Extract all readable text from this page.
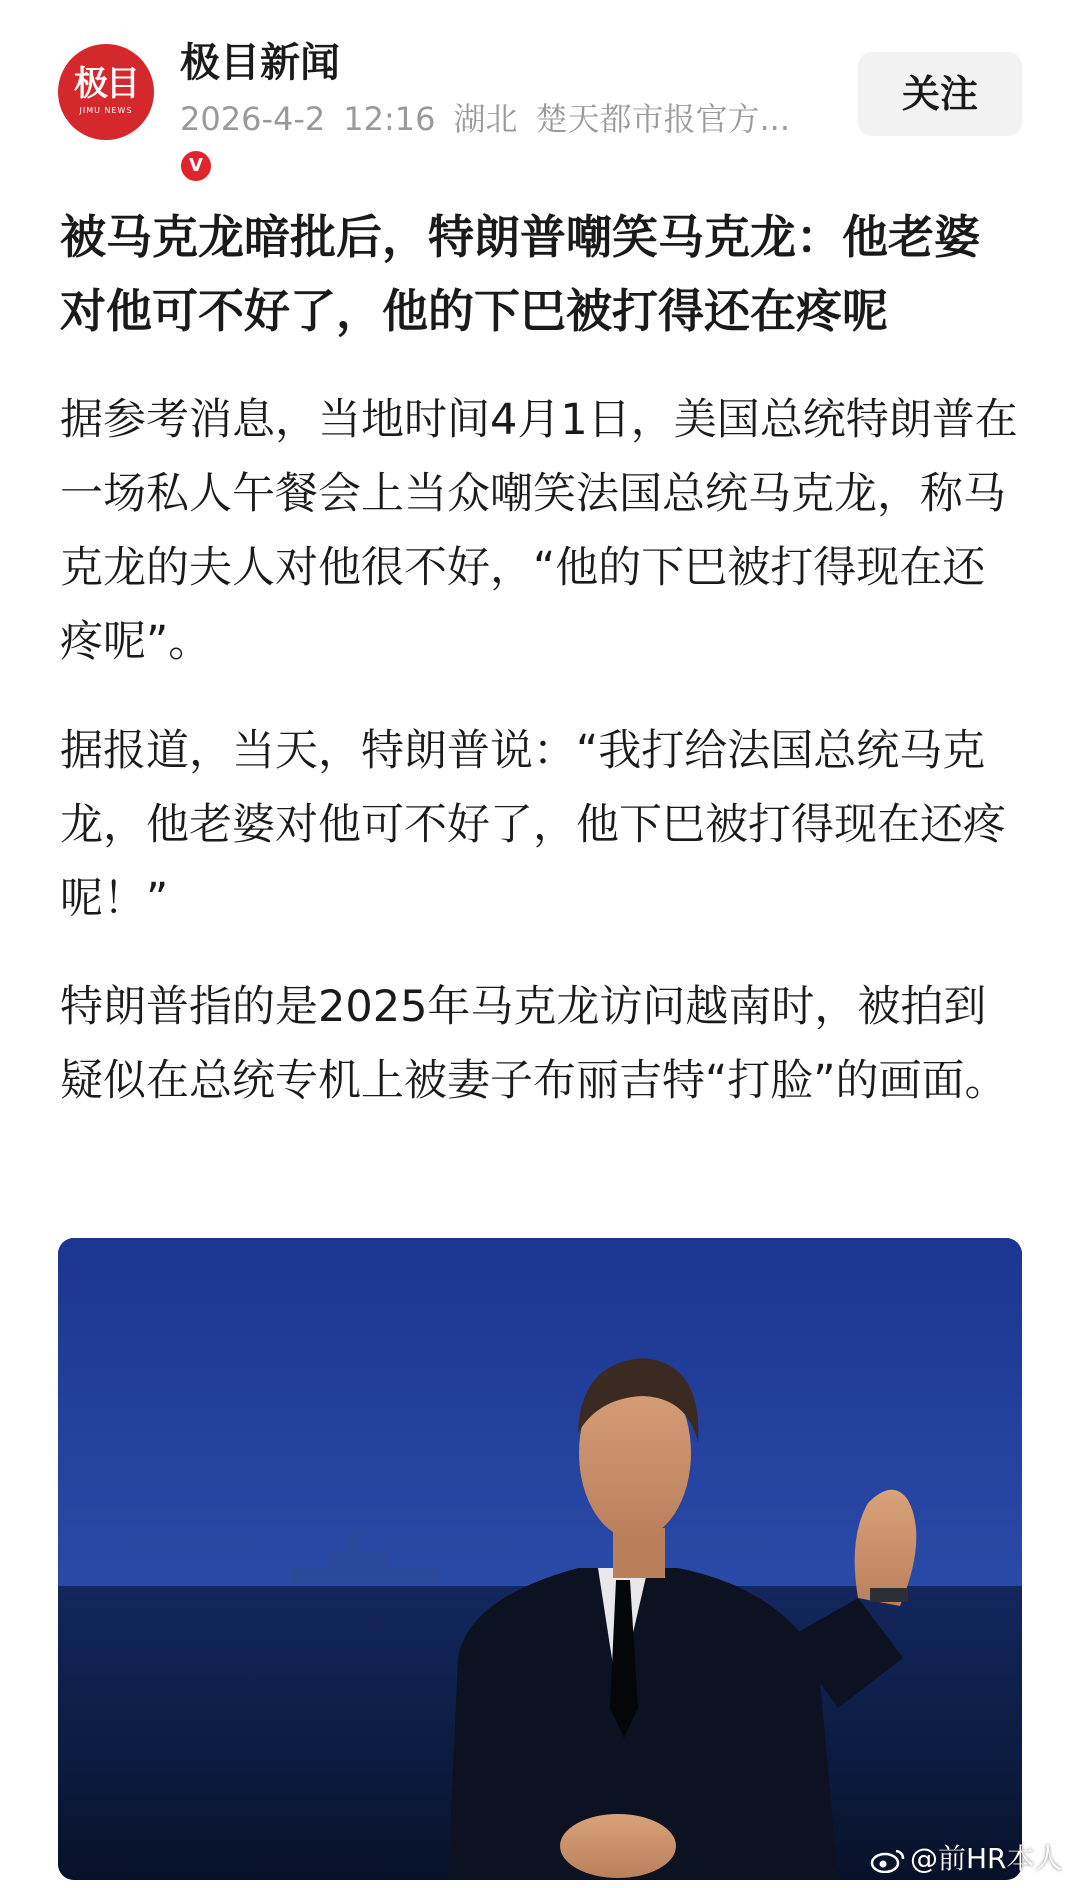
极目
JIMU NEWS
V
极目新闻
2026-4-2 12:16 湖北 楚天都市报官方...
关注
被马克龙暗批后，特朗普嘲笑马克龙：他老婆对他可不好了，他的下巴被打得还在疼呢

据参考消息，当地时间4月1日，美国总统特朗普在一场私人午餐会上当众嘲笑法国总统马克龙，称马克龙的夫人对他很不好，“他的下巴被打得现在还疼呢”。

据报道，当天，特朗普说：“我打给法国总统马克龙，他老婆对他可不好了，他下巴被打得现在还疼呢！”

特朗普指的是2025年马克龙访问越南时，被拍到疑似在总统专机上被妻子布丽吉特“打脸”的画面。

@前HR本人
